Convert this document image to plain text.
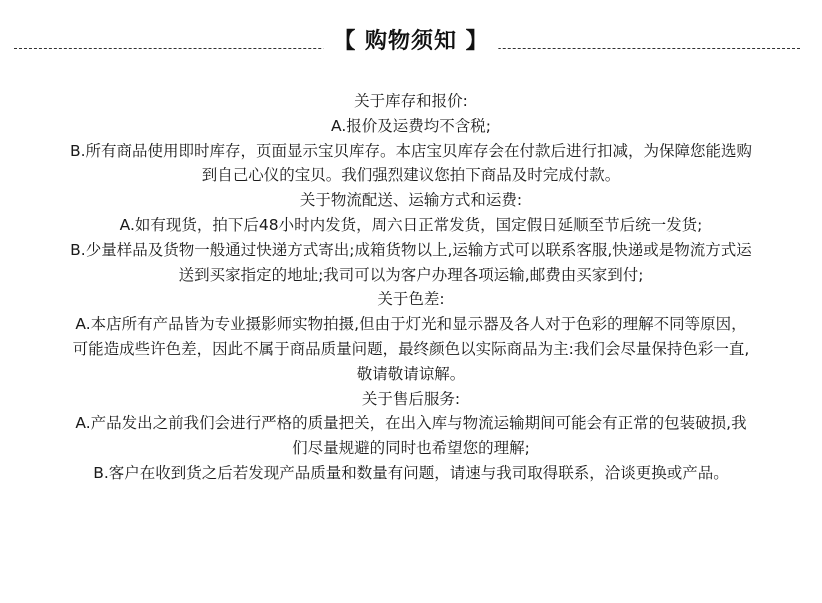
【 购物须知 】
关于库存和报价:
A.报价及运费均不含税;
B.所有商品使用即时库存，页面显示宝贝库存。本店宝贝库存会在付款后进行扣减，为保障您能选购
到自己心仪的宝贝。我们强烈建议您拍下商品及时完成付款。
关于物流配送、运输方式和运费:
A.如有现货，拍下后48小时内发货，周六日正常发货，国定假日延顺至节后统一发货;
B.少量样品及货物一般通过快递方式寄出;成箱货物以上,运输方式可以联系客服,快递或是物流方式运
送到买家指定的地址;我司可以为客户办理各项运输,邮费由买家到付;
关于色差:
A.本店所有产品皆为专业摄影师实物拍摄,但由于灯光和显示器及各人对于色彩的理解不同等原因，
可能造成些许色差，因此不属于商品质量问题，最终颜色以实际商品为主:我们会尽量保持色彩一直,
敬请敬请谅解。
关于售后服务:
A.产品发出之前我们会进行严格的质量把关，在出入库与物流运输期间可能会有正常的包装破损,我
们尽量规避的同时也希望您的理解;
B.客户在收到货之后若发现产品质量和数量有问题，请速与我司取得联系，洽谈更换或产品。
